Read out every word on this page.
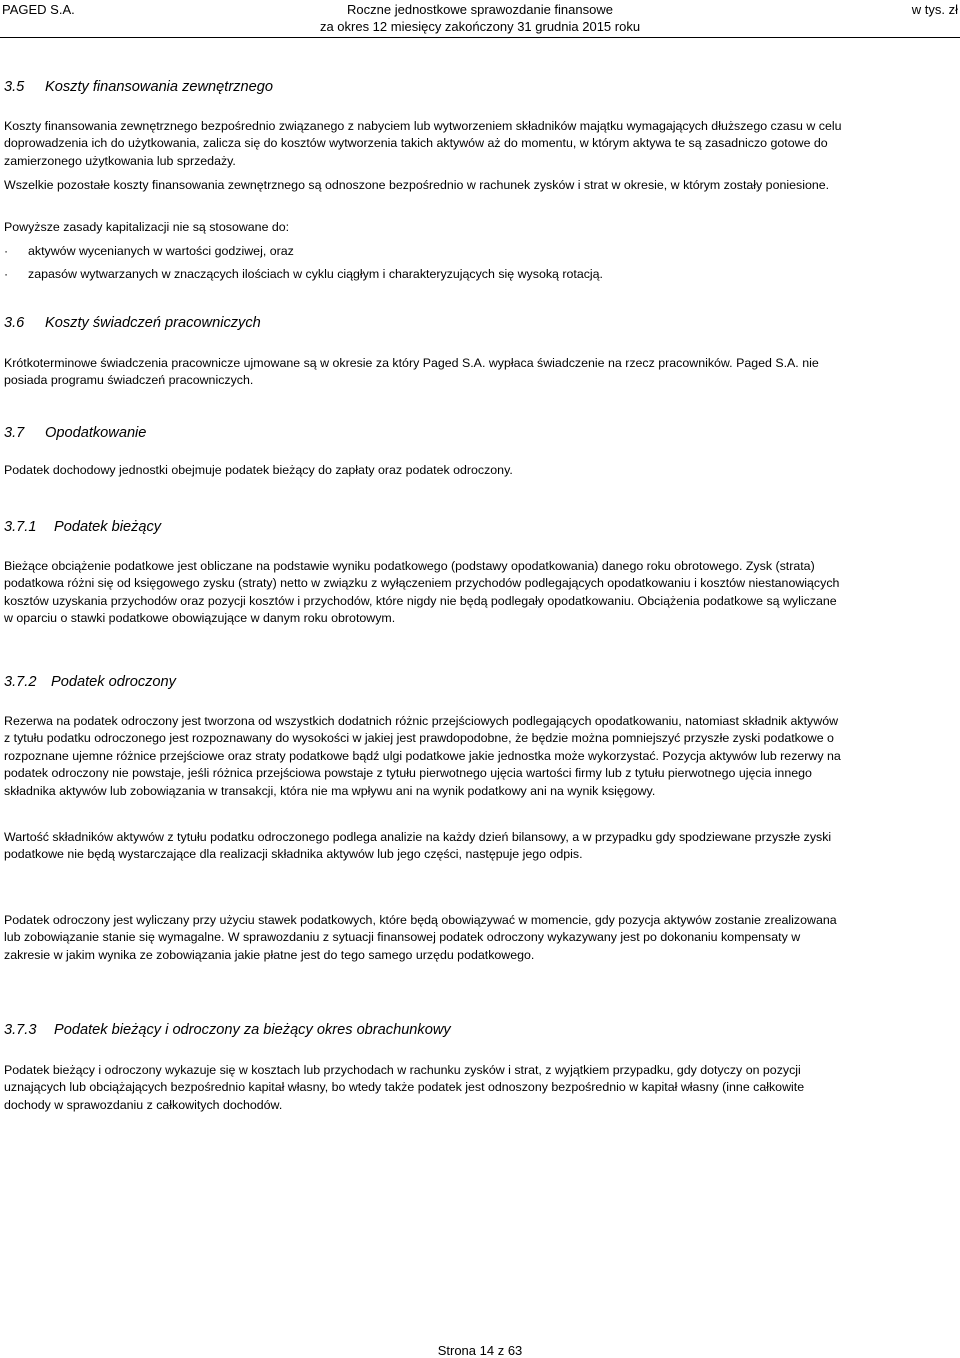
PAGED S.A.	Roczne jednostkowe sprawozdanie finansowe
za okres 12 miesięcy zakończony 31 grudnia 2015 roku
w tys. zł
3.5 Koszty finansowania zewnętrznego
Koszty finansowania zewnętrznego bezpośrednio związanego z nabyciem lub wytworzeniem składników majątku wymagających dłuższego czasu w celu doprowadzenia ich do użytkowania, zalicza się do kosztów wytworzenia takich aktywów aż do momentu, w którym aktywa te są zasadniczo gotowe do zamierzonego użytkowania lub sprzedaży.
Wszelkie pozostałe koszty finansowania zewnętrznego są odnoszone bezpośrednio w rachunek zysków i strat w okresie, w którym zostały poniesione.
Powyższe zasady kapitalizacji nie są stosowane do:
· aktywów wycenianych w wartości godziwej, oraz
· zapasów wytwarzanych w znaczących ilościach w cyklu ciągłym i charakteryzujących się wysoką rotacją.
3.6 Koszty świadczeń pracowniczych
Krótkoterminowe świadczenia pracownicze ujmowane są w okresie za który Paged S.A. wypłaca świadczenie na rzecz pracowników. Paged S.A. nie posiada programu świadczeń pracowniczych.
3.7 Opodatkowanie
Podatek dochodowy jednostki obejmuje podatek bieżący do zapłaty oraz podatek odroczony.
3.7.1 Podatek bieżący
Bieżące obciążenie podatkowe jest obliczane na podstawie wyniku podatkowego (podstawy opodatkowania) danego roku obrotowego. Zysk (strata) podatkowa różni się od księgowego zysku (straty) netto w związku z wyłączeniem przychodów podlegających opodatkowaniu i kosztów niestanowiących kosztów uzyskania przychodów oraz pozycji kosztów i przychodów, które nigdy nie będą podlegały opodatkowaniu. Obciążenia podatkowe są wyliczane w oparciu o stawki podatkowe obowiązujące w danym roku obrotowym.
3.7.2 Podatek odroczony
Rezerwa na podatek odroczony jest tworzona od wszystkich dodatnich różnic przejściowych podlegających opodatkowaniu, natomiast składnik aktywów z tytułu podatku odroczonego jest rozpoznawany do wysokości w jakiej jest prawdopodobne, że będzie można pomniejszyć przyszłe zyski podatkowe o rozpoznane ujemne różnice przejściowe oraz straty podatkowe bądź ulgi podatkowe jakie jednostka może wykorzystać. Pozycja aktywów lub rezerwy na podatek odroczony nie powstaje, jeśli różnica przejściowa powstaje z tytułu pierwotnego ujęcia wartości firmy lub z tytułu pierwotnego ujęcia innego składnika aktywów lub zobowiązania w transakcji, która nie ma wpływu ani na wynik podatkowy ani na wynik księgowy.
Wartość składników aktywów z tytułu podatku odroczonego podlega analizie na każdy dzień bilansowy, a w przypadku gdy spodziewane przyszłe zyski podatkowe nie będą wystarczające dla realizacji składnika aktywów lub jego części, następuje jego odpis.
Podatek odroczony jest wyliczany przy użyciu stawek podatkowych, które będą obowiązywać w momencie, gdy pozycja aktywów zostanie zrealizowana lub zobowiązanie stanie się wymagalne. W sprawozdaniu z sytuacji finansowej podatek odroczony wykazywany jest po dokonaniu kompensaty w zakresie w jakim wynika ze zobowiązania jakie płatne jest do tego samego urzędu podatkowego.
3.7.3 Podatek bieżący i odroczony za bieżący okres obrachunkowy
Podatek bieżący i odroczony wykazuje się w kosztach lub przychodach w rachunku zysków i strat, z wyjątkiem przypadku, gdy dotyczy on pozycji uznających lub obciążających bezpośrednio kapitał własny, bo wtedy także podatek jest odnoszony bezpośrednio w kapitał własny (inne całkowite dochody w sprawozdaniu z całkowitych dochodów.
Strona 14 z 63
